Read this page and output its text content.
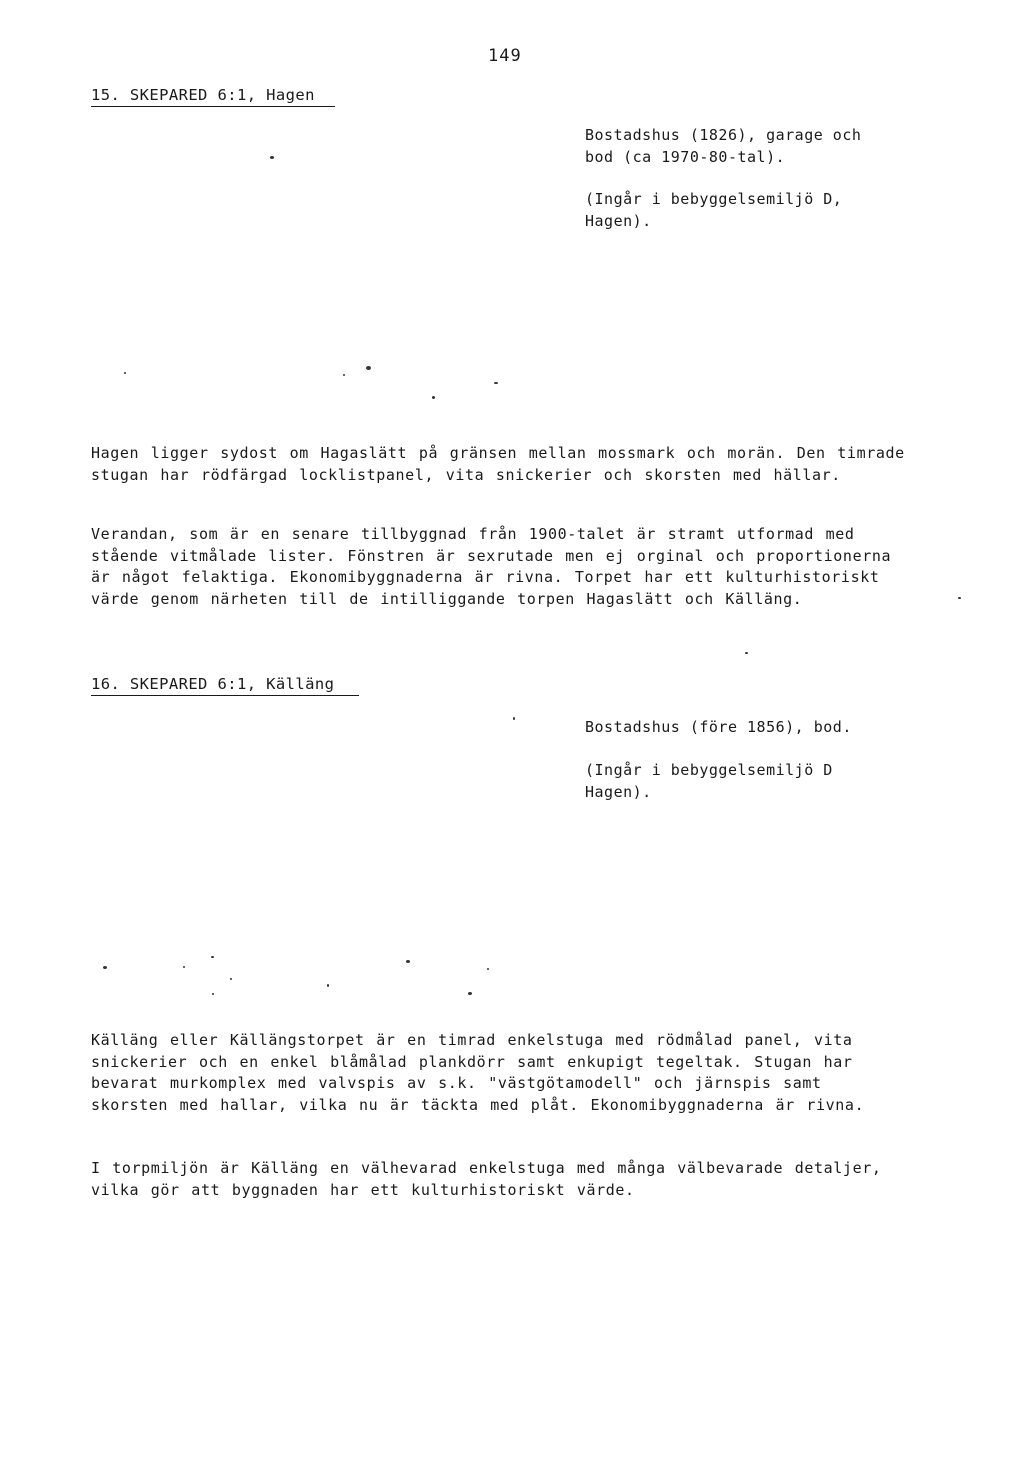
149
15. SKEPARED 6:1, Hagen
Bostadshus (1826), garage och bod (ca 1970-80-tal).
(Ingår i bebyggelsemiljö D, Hagen).
Hagen ligger sydost om Hagaslätt på gränsen mellan mossmark och morän. Den timrade stugan har rödfärgad locklistpanel, vita snickerier och skorsten med hällar.
Verandan, som är en senare tillbyggnad från 1900-talet är stramt utformad med stående vitmålade lister. Fönstren är sexrutade men ej orginal och proportionerna är något felaktiga. Ekonomibyggnaderna är rivna. Torpet har ett kulturhistoriskt värde genom närheten till de intilliggande torpen Hagaslätt och Källäng.
16. SKEPARED 6:1, Källäng
Bostadshus (före 1856), bod.
(Ingår i bebyggelsemiljö D Hagen).
Källäng eller Källängstorpet är en timrad enkelstuga med rödmålad panel, vita snickerier och en enkel blåmålad plankdörr samt enkupigt tegeltak. Stugan har bevarat murkomplex med valvspis av s.k. "västgötamodell" och järnspis samt skorsten med hallar, vilka nu är täckta med plåt. Ekonomibyggnaderna är rivna.
I torpmiljön är Källäng en välhevarad enkelstuga med många välbevarade detaljer, vilka gör att byggnaden har ett kulturhistoriskt värde.
